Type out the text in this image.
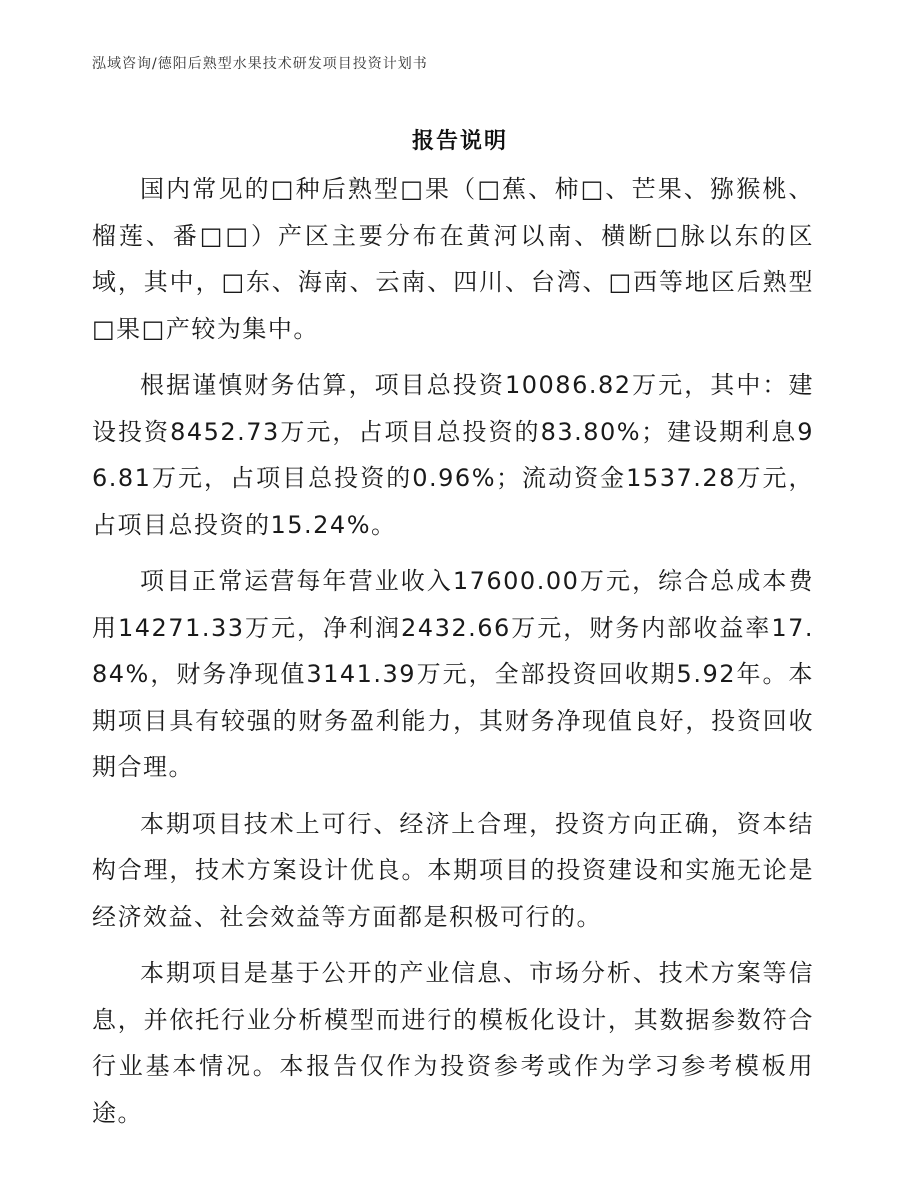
泓域咨询/德阳后熟型水果技术研发项目投资计划书
报告说明

国内常见的□种后熟型□果（□蕉、柿□、芒果、猕猴桃、榴莲、番□□）产区主要分布在黄河以南、横断□脉以东的区域，其中，□东、海南、云南、四川、台湾、□西等地区后熟型□果□产较为集中。

根据谨慎财务估算，项目总投资10086.82万元，其中：建设投资8452.73万元，占项目总投资的83.80%；建设期利息96.81万元，占项目总投资的0.96%；流动资金1537.28万元，占项目总投资的15.24%。

项目正常运营每年营业收入17600.00万元，综合总成本费用14271.33万元，净利润2432.66万元，财务内部收益率17.84%，财务净现值3141.39万元，全部投资回收期5.92年。本期项目具有较强的财务盈利能力，其财务净现值良好，投资回收期合理。

本期项目技术上可行、经济上合理，投资方向正确，资本结构合理，技术方案设计优良。本期项目的投资建设和实施无论是经济效益、社会效益等方面都是积极可行的。

本期项目是基于公开的产业信息、市场分析、技术方案等信息，并依托行业分析模型而进行的模板化设计，其数据参数符合行业基本情况。本报告仅作为投资参考或作为学习参考模板用途。
